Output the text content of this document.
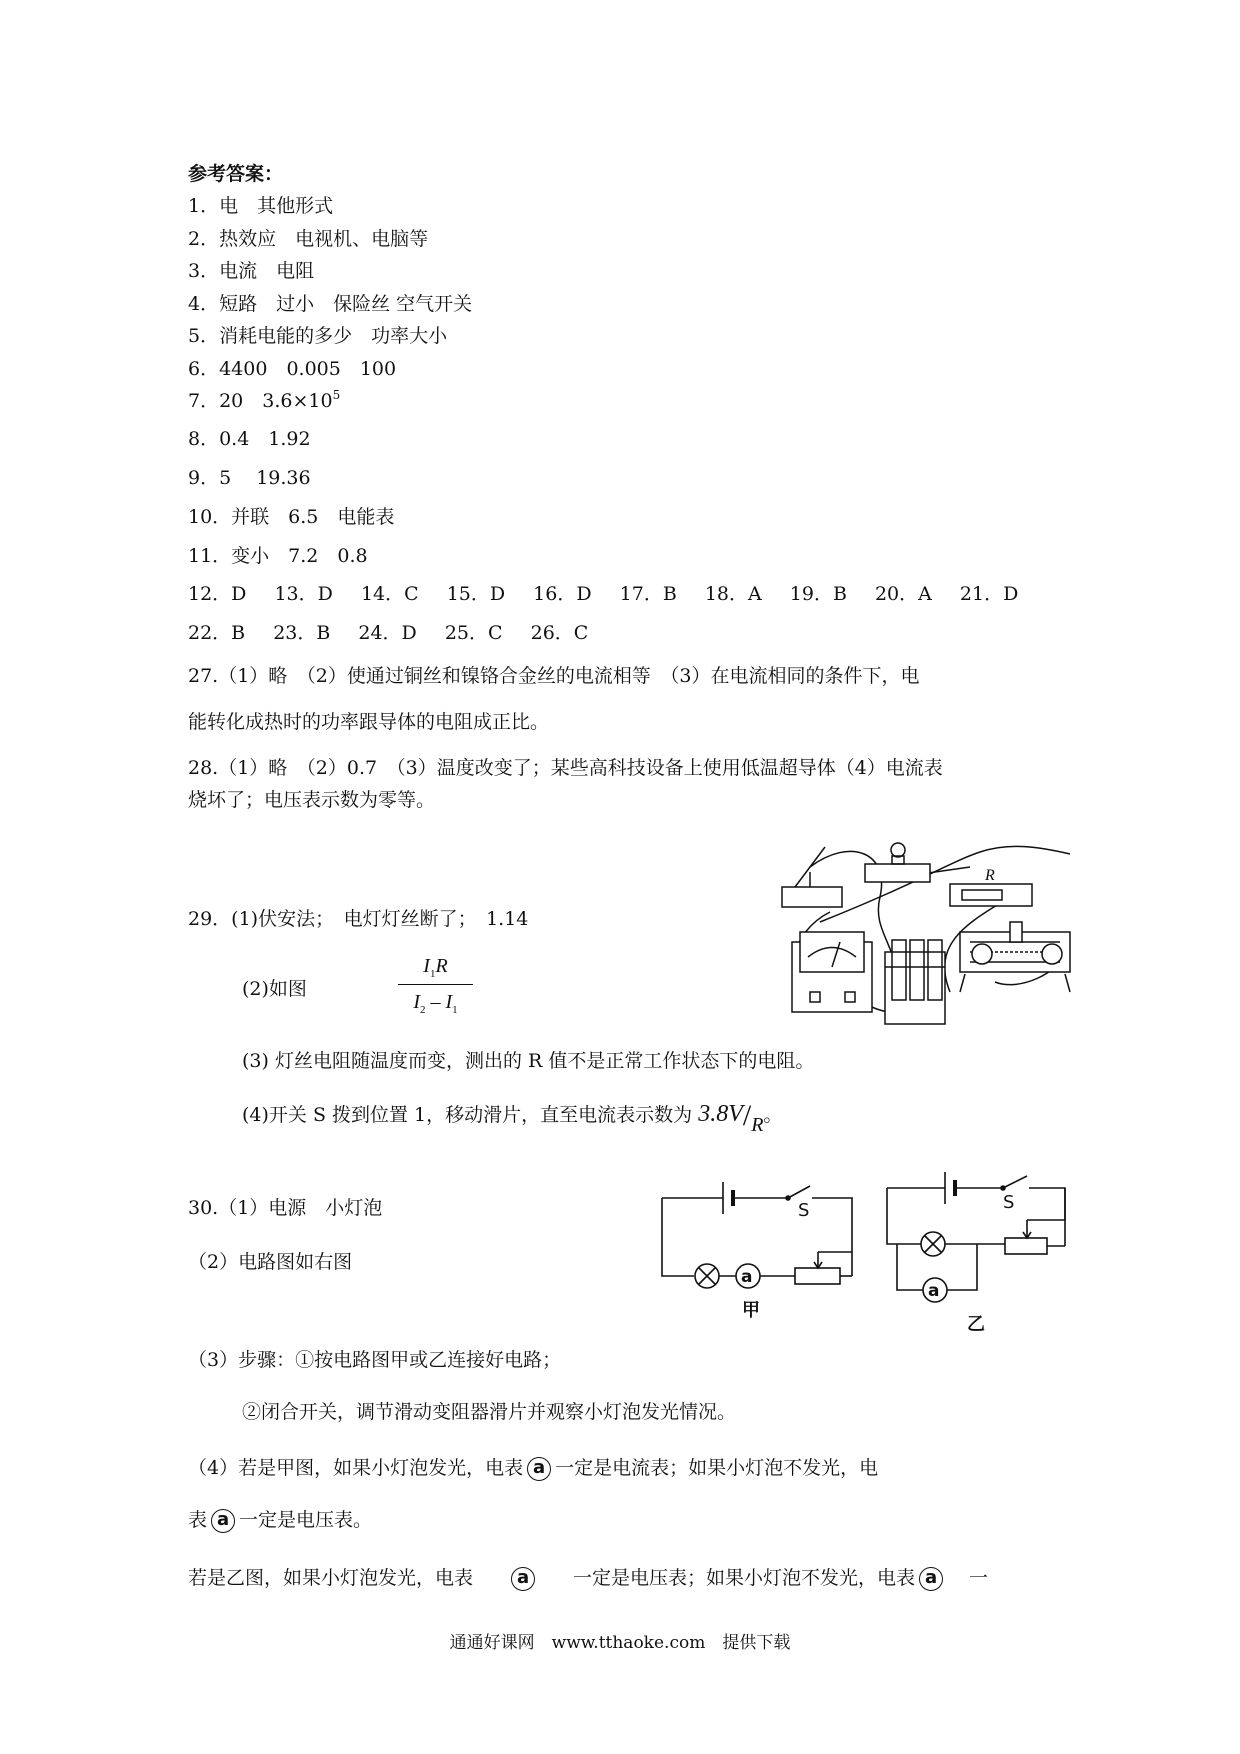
参考答案：
1．电　其他形式
2．热效应　电视机、电脑等
3．电流　电阻
4．短路　过小　保险丝 空气开关
5．消耗电能的多少　功率大小
6．4400　0.005　100
7．20　$3.6\times 10^5$
8．0.4　1.92
9．5　 19.36
10．并联　6.5　电能表
11．变小　7.2　0.8
12．D 13．D 14．C 15．D 16．D 17．B 18．A 19．B 20．A 21．D
22．B 23．B 24．D 25．C 26．C
27.（1）略　（2）使通过铜丝和镍铬合金丝的电流相等　（3）在电流相同的条件下，电
能转化成热时的功率跟导体的电阻成正比。
28.（1）略　（2）0.7　（3）温度改变了；某些高科技设备上使用低温超导体（4）电流表
烧坏了；电压表示数为零等。
R
29．(1)伏安法；　电灯灯丝断了；　1.14
(2)如图	$\frac{I_1R}{I_2 - I_1}$
(3) 灯丝电阻随温度而变，测出的 R 值不是正常工作状态下的电阻。
(4)开关 S 拨到位置 1，移动滑片，直至电流表示数为 $3.8V/_R$。
30.（1）电源　小灯泡
（2）电路图如右图
S
a
甲
S
a
乙
（3）步骤：①按电路图甲或乙连接好电路；
②闭合开关，调节滑动变阻器滑片并观察小灯泡发光情况。
（4）若是甲图，如果小灯泡发光，电表 a 一定是电流表；如果小灯泡不发光，电
表 a 一定是电压表。
若是乙图，如果小灯泡发光，电表 a 一定是电压表；如果小灯泡不发光，电表 a 一
通通好课网　www.tthaoke.com　提供下载
